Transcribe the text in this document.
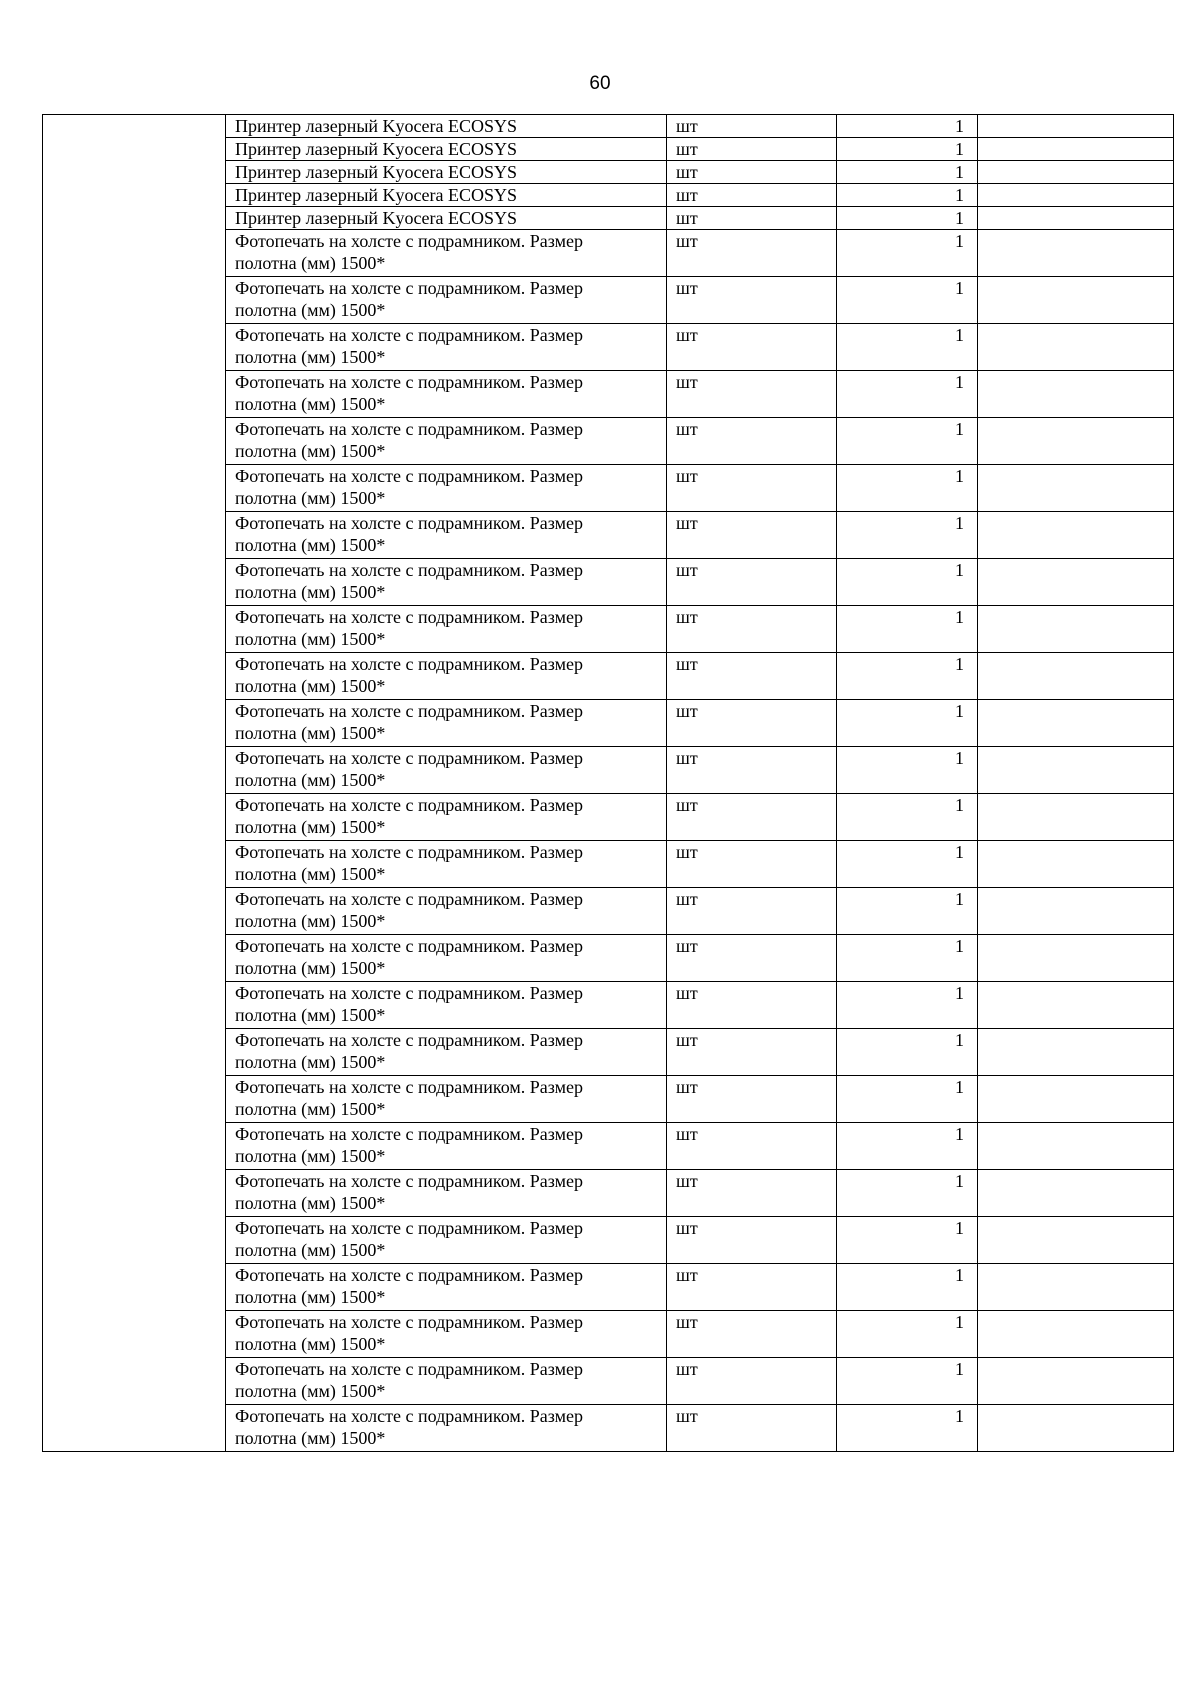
60
	Принтер лазерный Kyocera ECOSYS	шт	1	
	Принтер лазерный Kyocera ECOSYS	шт	1	
	Принтер лазерный Kyocera ECOSYS	шт	1	
	Принтер лазерный Kyocera ECOSYS	шт	1	
	Принтер лазерный Kyocera ECOSYS	шт	1	
	Фотопечать на холсте с подрамником. Размер
полотна (мм) 1500*	шт	1	
	Фотопечать на холсте с подрамником. Размер
полотна (мм) 1500*	шт	1	
	Фотопечать на холсте с подрамником. Размер
полотна (мм) 1500*	шт	1	
	Фотопечать на холсте с подрамником. Размер
полотна (мм) 1500*	шт	1	
	Фотопечать на холсте с подрамником. Размер
полотна (мм) 1500*	шт	1	
	Фотопечать на холсте с подрамником. Размер
полотна (мм) 1500*	шт	1	
	Фотопечать на холсте с подрамником. Размер
полотна (мм) 1500*	шт	1	
	Фотопечать на холсте с подрамником. Размер
полотна (мм) 1500*	шт	1	
	Фотопечать на холсте с подрамником. Размер
полотна (мм) 1500*	шт	1	
	Фотопечать на холсте с подрамником. Размер
полотна (мм) 1500*	шт	1	
	Фотопечать на холсте с подрамником. Размер
полотна (мм) 1500*	шт	1	
	Фотопечать на холсте с подрамником. Размер
полотна (мм) 1500*	шт	1	
	Фотопечать на холсте с подрамником. Размер
полотна (мм) 1500*	шт	1	
	Фотопечать на холсте с подрамником. Размер
полотна (мм) 1500*	шт	1	
	Фотопечать на холсте с подрамником. Размер
полотна (мм) 1500*	шт	1	
	Фотопечать на холсте с подрамником. Размер
полотна (мм) 1500*	шт	1	
	Фотопечать на холсте с подрамником. Размер
полотна (мм) 1500*	шт	1	
	Фотопечать на холсте с подрамником. Размер
полотна (мм) 1500*	шт	1	
	Фотопечать на холсте с подрамником. Размер
полотна (мм) 1500*	шт	1	
	Фотопечать на холсте с подрамником. Размер
полотна (мм) 1500*	шт	1	
	Фотопечать на холсте с подрамником. Размер
полотна (мм) 1500*	шт	1	
	Фотопечать на холсте с подрамником. Размер
полотна (мм) 1500*	шт	1	
	Фотопечать на холсте с подрамником. Размер
полотна (мм) 1500*	шт	1	
	Фотопечать на холсте с подрамником. Размер
полотна (мм) 1500*	шт	1	
	Фотопечать на холсте с подрамником. Размер
полотна (мм) 1500*	шт	1	
	Фотопечать на холсте с подрамником. Размер
полотна (мм) 1500*	шт	1	
